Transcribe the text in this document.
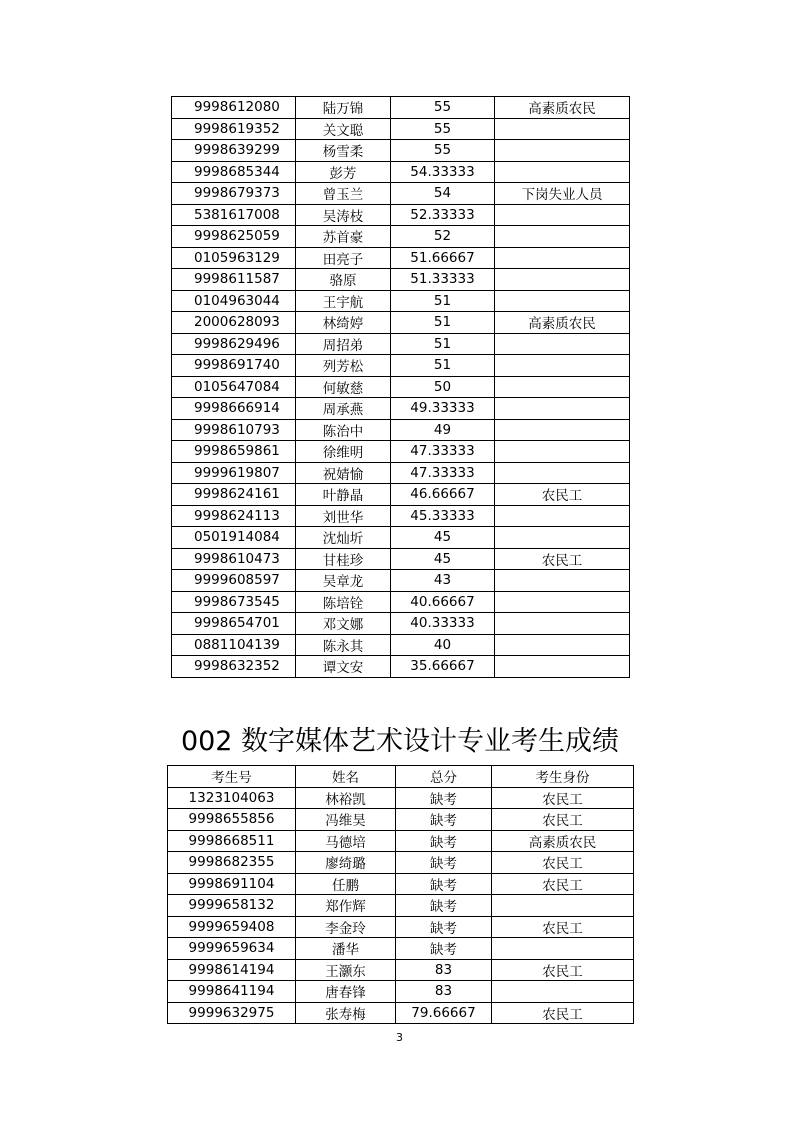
9998612080	陆万锦	55	高素质农民
9998619352	关文聪	55	
9998639299	杨雪柔	55	
9998685344	彭芳	54.33333	
9998679373	曾玉兰	54	下岗失业人员
5381617008	吴涛枝	52.33333	
9998625059	苏首豪	52	
0105963129	田亮子	51.66667	
9998611587	骆原	51.33333	
0104963044	王宇航	51	
2000628093	林绮婷	51	高素质农民
9998629496	周招弟	51	
9998691740	列芳松	51	
0105647084	何敏慈	50	
9998666914	周承燕	49.33333	
9998610793	陈治中	49	
9998659861	徐维明	47.33333	
9999619807	祝婧愉	47.33333	
9998624161	叶静晶	46.66667	农民工
9998624113	刘世华	45.33333	
0501914084	沈灿圻	45	
9998610473	甘桂珍	45	农民工
9999608597	吴章龙	43	
9998673545	陈培铨	40.66667	
9998654701	邓文娜	40.33333	
0881104139	陈永其	40	
9998632352	谭文安	35.66667	
002 数字媒体艺术设计专业考生成绩
考生号	姓名	总分	考生身份
1323104063	林裕凯	缺考	农民工
9998655856	冯维昊	缺考	农民工
9998668511	马德培	缺考	高素质农民
9998682355	廖绮璐	缺考	农民工
9998691104	任鹏	缺考	农民工
9999658132	郑作辉	缺考	
9999659408	李金玲	缺考	农民工
9999659634	潘华	缺考	
9998614194	王灏东	83	农民工
9998641194	唐春锋	83	
9999632975	张寿梅	79.66667	农民工
3
